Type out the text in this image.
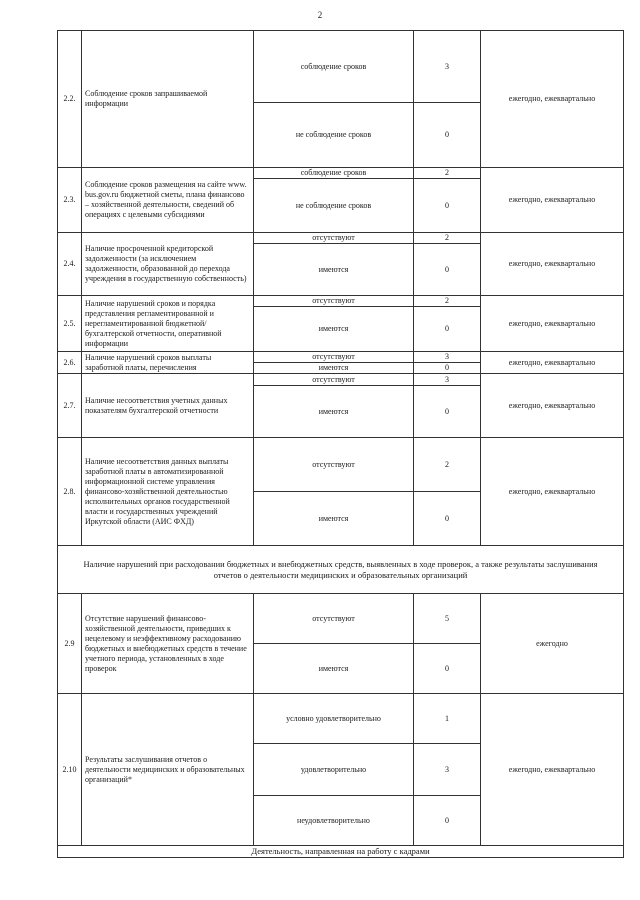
2
2.2.	Соблюдение сроков запрашиваемой информации	соблюдение сроков	3	ежегодно, ежеквартально
		не соблюдение сроков	0	
2.3.	Соблюдение сроков размещения на сайте www. bus.gov.ru бюджетной сметы, плана финансово – хозяйственной деятельности, сведений об операциях с целевыми субсидиями	соблюдение сроков	2	ежегодно, ежеквартально
		не соблюдение сроков	0	
2.4.	Наличие просроченной кредиторской задолженности (за исключением задолженности, образованной до перехода учреждения в государственную собственность)	отсутствуют	2	ежегодно, ежеквартально
		имеются	0	
2.5.	Наличие нарушений сроков и порядка представления регламентированной и нерегламентированной бюджетной/бухгалтерской отчетности, оперативной информации	отсутствуют	2	ежегодно, ежеквартально
		имеются	0	
2.6.	Наличие нарушений сроков выплаты заработной платы, перечисления	отсутствуют	3	ежегодно, ежеквартально
		имеются	0	
2.7.	Наличие несоответствия учетных данных показателям бухгалтерской отчетности	отсутствуют	3	ежегодно, ежеквартально
		имеются	0	
2.8.	Наличие несоответствия данных выплаты заработной платы в автоматизированной информационной системе управления финансово-хозяйственной деятельностью исполнительных органов государственной власти и государственных учреждений Иркутской области (АИС ФХД)	отсутствуют	2	ежегодно, ежеквартально
		имеются	0	
Наличие нарушений при расходовании бюджетных и внебюджетных средств, выявленных в ходе проверок, а также результаты заслушивания отчетов о деятельности медицинских и образовательных организаций				
2.9	Отсутствие нарушений финансово-хозяйственной деятельности, приведших к нецелевому и неэффективному расходованию бюджетных и внебюджетных средств в течение учетного периода, установленных в ходе проверок	отсутствуют	5	ежегодно
		имеются	0	
2.10	Результаты заслушивания отчетов о деятельности медицинских и образовательных организаций*	условно удовлетворительно	1	ежегодно, ежеквартально
		удовлетворительно	3	
		неудовлетворительно	0	
Деятельность, направленная на работу с кадрами				
